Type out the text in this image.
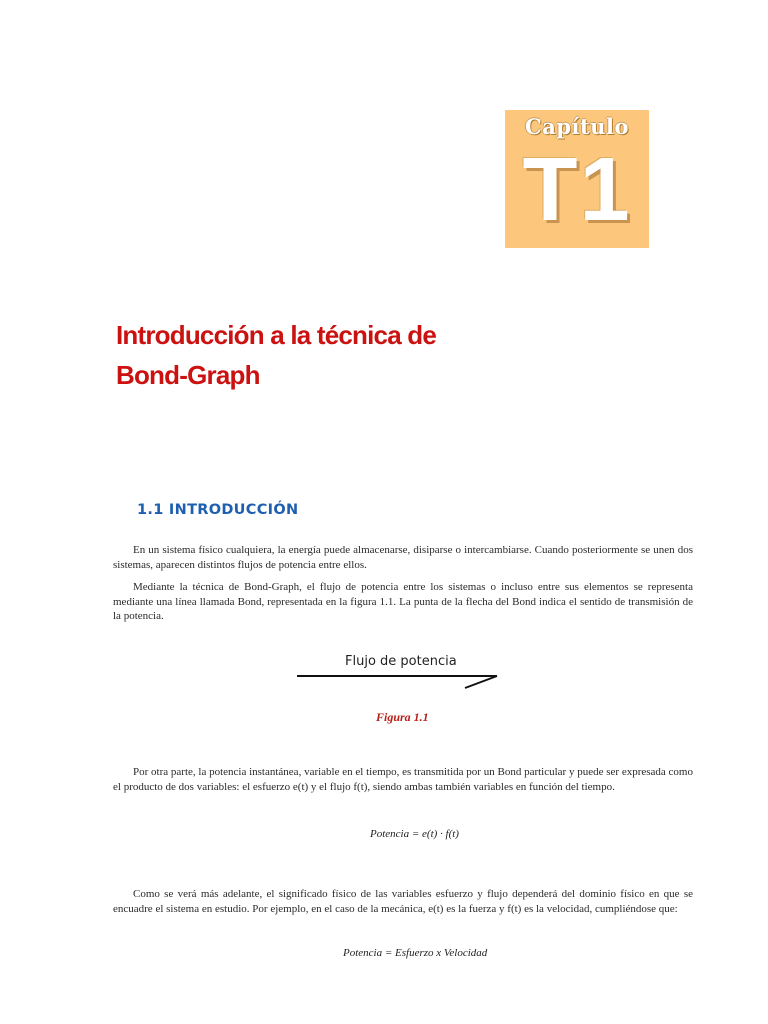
Capítulo
T1
Introducción a la técnica de
Bond-Graph
1.1 INTRODUCCIÓN

En un sistema físico cualquiera, la energía puede almacenarse, disiparse o intercambiarse. Cuando posteriormente se unen dos sistemas, aparecen distintos flujos de potencia entre ellos.

Mediante la técnica de Bond-Graph, el flujo de potencia entre los sistemas o incluso entre sus elementos se representa mediante una línea llamada Bond, representada en la figura 1.1. La punta de la flecha del Bond indica el sentido de transmisión de la potencia.

Flujo de potencia
Figura 1.1

Por otra parte, la potencia instantánea, variable en el tiempo, es transmitida por un Bond particular y puede ser expresada como el producto de dos variables: el esfuerzo e(t) y el flujo f(t), siendo ambas también variables en función del tiempo.

Potencia = e(t) · f(t)

Como se verá más adelante, el significado físico de las variables esfuerzo y flujo dependerá del dominio físico en que se encuadre el sistema en estudio. Por ejemplo, en el caso de la mecánica, e(t) es la fuerza y f(t) es la velocidad, cumpliéndose que:

Potencia = Esfuerzo x Velocidad
